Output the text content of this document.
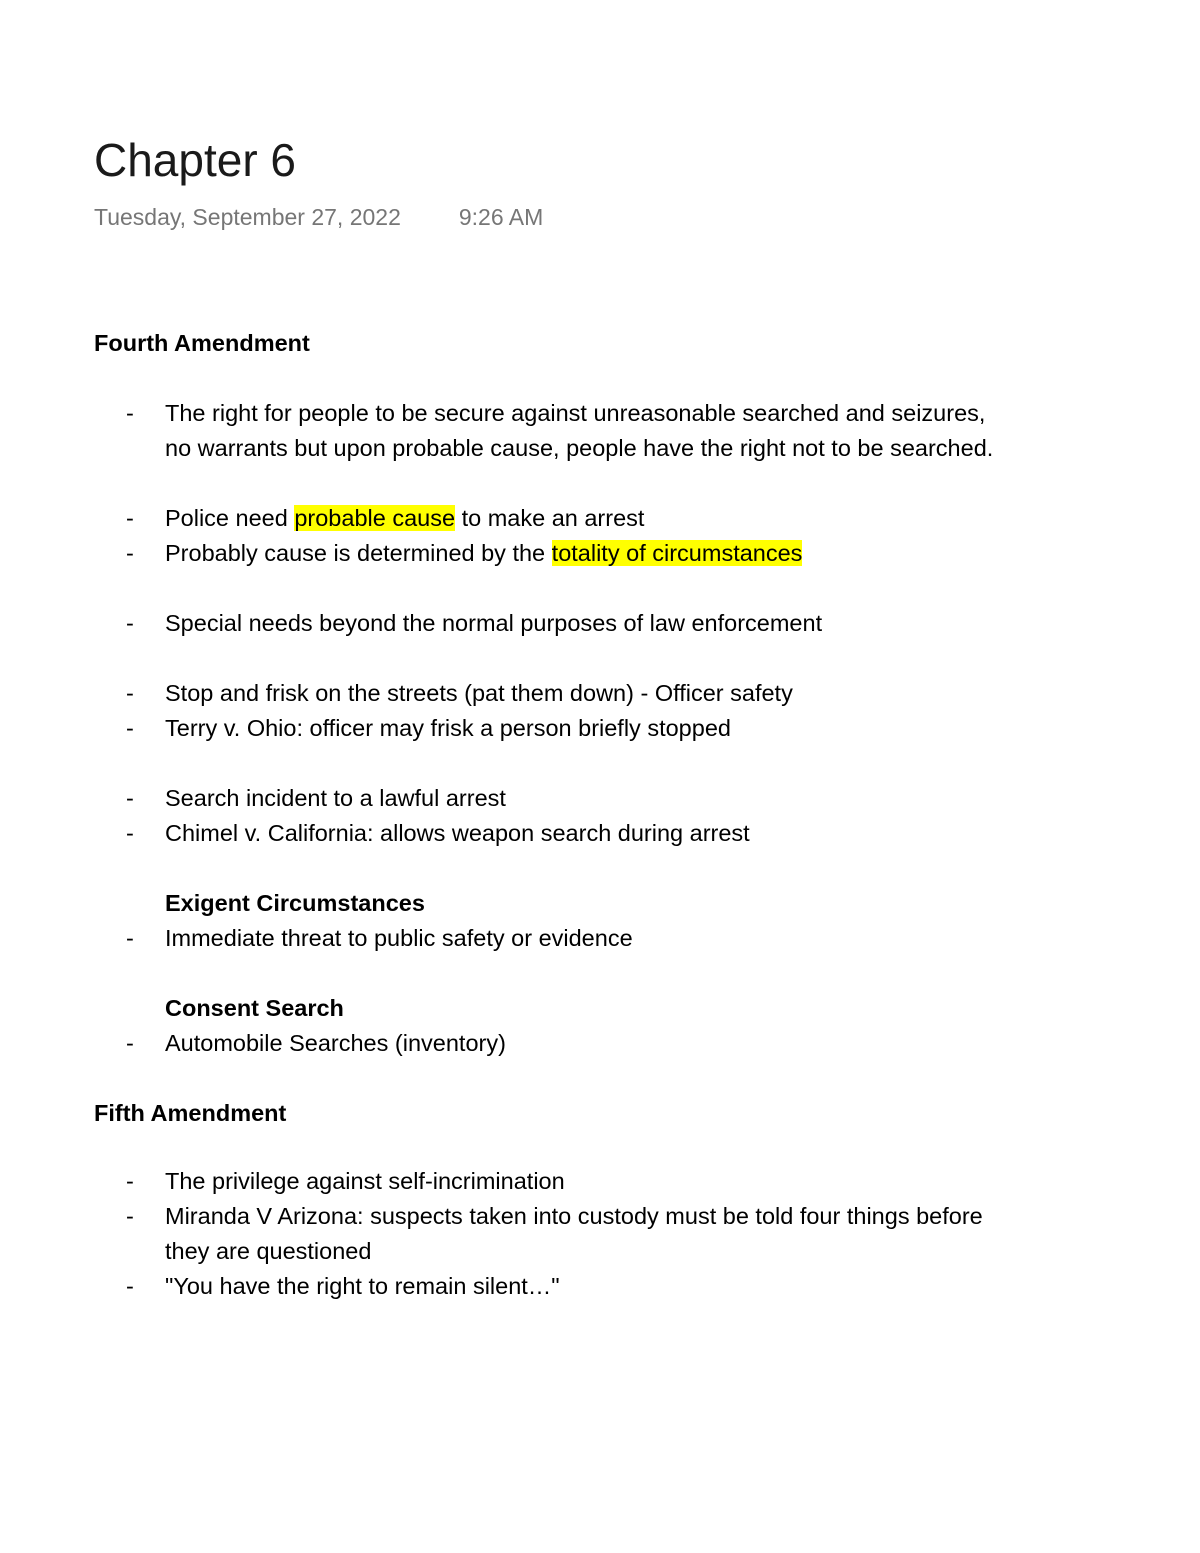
Chapter 6
Tuesday, September 27, 2022	9:26 AM
Fourth Amendment
- The right for people to be secure against unreasonable searched and seizures,
no warrants but upon probable cause, people have the right not to be searched.
- Police need probable cause to make an arrest
- Probably cause is determined by the totality of circumstances
- Special needs beyond the normal purposes of law enforcement
- Stop and frisk on the streets (pat them down) - Officer safety
- Terry v. Ohio: officer may frisk a person briefly stopped
- Search incident to a lawful arrest
- Chimel v. California: allows weapon search during arrest
Exigent Circumstances
- Immediate threat to public safety or evidence
Consent Search
- Automobile Searches (inventory)
Fifth Amendment
- The privilege against self-incrimination
- Miranda V Arizona: suspects taken into custody must be told four things before
they are questioned
- "You have the right to remain silent…"
